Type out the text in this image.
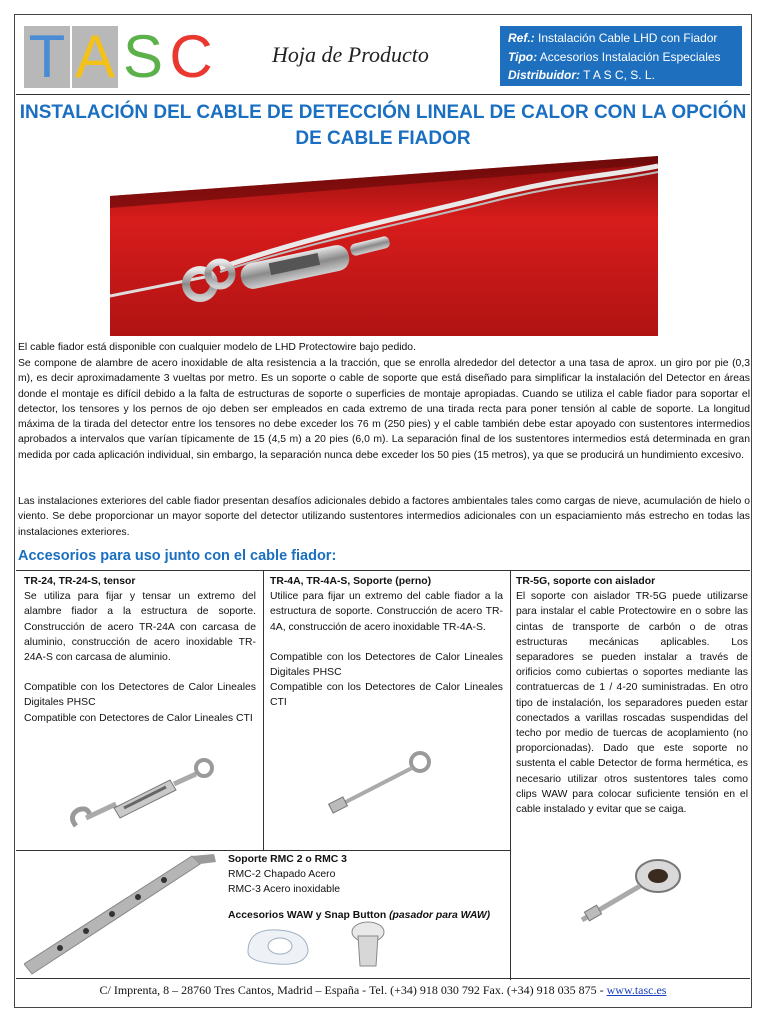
T A S C	Hoja de Producto
Ref.: Instalación Cable LHD con Fiador
Tipo: Accesorios Instalación Especiales
Distribuidor: T A S C, S. L.
INSTALACIÓN DEL CABLE DE DETECCIÓN LINEAL DE CALOR CON LA OPCIÓN DE CABLE FIADOR

El cable fiador está disponible con cualquier modelo de LHD Protectowire bajo pedido.

Se compone de alambre de acero inoxidable de alta resistencia a la tracción, que se enrolla alrededor del detector a una tasa de aprox. un giro por pie (0,3 m), es decir aproximadamente 3 vueltas por metro. Es un soporte o cable de soporte que está diseñado para simplificar la instalación del Detector en áreas donde el montaje es difícil debido a la falta de estructuras de soporte o superficies de montaje apropiadas. Cuando se utiliza el cable fiador para soportar el detector, los tensores y los pernos de ojo deben ser empleados en cada extremo de una tirada recta para poner tensión al cable de soporte. La longitud máxima de la tirada del detector entre los tensores no debe exceder los 76 m (250 pies) y el cable también debe estar apoyado con sustentores intermedios aprobados a intervalos que varían típicamente de 15 (4,5 m) a 20 pies (6,0 m). La separación final de los sustentores intermedios está determinada en gran medida por cada aplicación individual, sin embargo, la separación nunca debe exceder los 50 pies (15 metros), ya que se producirá un hundimiento excesivo.

Las instalaciones exteriores del cable fiador presentan desafíos adicionales debido a factores ambientales tales como cargas de nieve, acumulación de hielo o viento. Se debe proporcionar un mayor soporte del detector utilizando sustentores intermedios adicionales con un espaciamiento más estrecho en todas las instalaciones exteriores.

Accesorios para uso junto con el cable fiador:
TR-24, TR-24-S, tensor
Se utiliza para fijar y tensar un extremo del alambre fiador a la estructura de soporte. Construcción de acero TR-24A con carcasa de aluminio, construcción de acero inoxidable TR-24A-S con carcasa de aluminio.
Compatible con los Detectores de Calor Lineales Digitales PHSC
Compatible con Detectores de Calor Lineales CTI
TR-4A, TR-4A-S, Soporte (perno)
Utilice para fijar un extremo del cable fiador a la estructura de soporte. Construcción de acero TR-4A, construcción de acero inoxidable TR-4A-S.
Compatible con los Detectores de Calor Lineales Digitales PHSC
Compatible con los Detectores de Calor Lineales CTI
TR-5G, soporte con aislador
El soporte con aislador TR-5G puede utilizarse para instalar el cable Protectowire en o sobre las cintas de transporte de carbón o de otras estructuras mecánicas aplicables. Los separadores se pueden instalar a través de orificios como cubiertas o soportes mediante las contratuercas de 1 / 4-20 suministradas. En otro tipo de instalación, los separadores pueden estar conectados a varillas roscadas suspendidas del techo por medio de tuercas de acoplamiento (no proporcionadas). Dado que este soporte no sustenta el cable Detector de forma hermética, es necesario utilizar otros sustentores tales como clips WAW para colocar suficiente tensión en el cable instalado y evitar que se caiga.
Soporte RMC 2 o RMC 3
RMC-2 Chapado Acero
RMC-3 Acero inoxidable
Accesorios WAW y Snap Button (pasador para WAW)
C/ Imprenta, 8 – 28760 Tres Cantos, Madrid – España - Tel. (+34) 918 030 792 Fax. (+34) 918 035 875 - www.tasc.es
